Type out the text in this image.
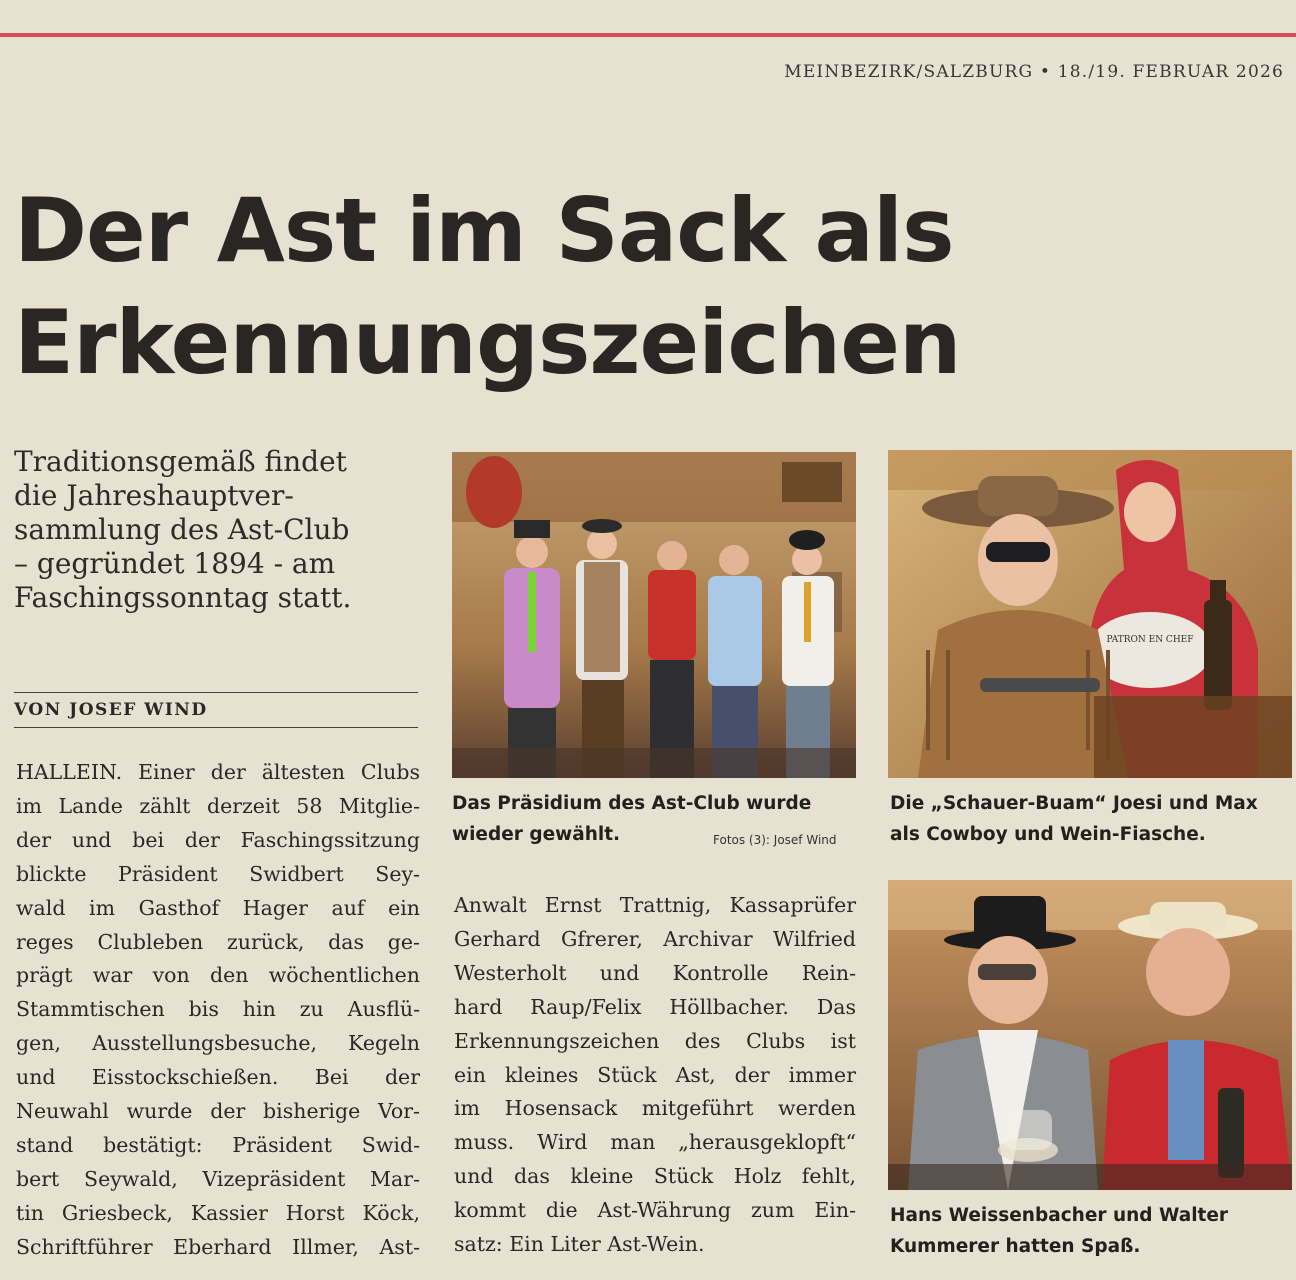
MEINBEZIRK/SALZBURG • 18./19. FEBRUAR 2026
Der Ast im Sack als
Erkennungszeichen
Traditionsgemäß findet
die Jahreshauptver-
sammlung des Ast-Club
– gegründet 1894 - am
Faschingssonntag statt.
VON JOSEF WIND
HALLEIN. Einer der ältesten Clubs
im Lande zählt derzeit 58 Mitglie-
der und bei der Faschingssitzung
blickte Präsident Swidbert Sey-
wald im Gasthof Hager auf ein
reges Clubleben zurück, das ge-
prägt war von den wöchentlichen
Stammtischen bis hin zu Ausflü-
gen, Ausstellungsbesuche, Kegeln
und Eisstockschießen. Bei der
Neuwahl wurde der bisherige Vor-
stand bestätigt: Präsident Swid-
bert Seywald, Vizepräsident Mar-
tin Griesbeck, Kassier Horst Köck,
Schriftführer Eberhard Illmer, Ast-
Das Präsidium des Ast-Club wurde
wieder gewählt.	Fotos (3): Josef Wind
Anwalt Ernst Trattnig, Kassaprüfer
Gerhard Gfrerer, Archivar Wilfried
Westerholt und Kontrolle Rein-
hard Raup/Felix Höllbacher. Das
Erkennungszeichen des Clubs ist
ein kleines Stück Ast, der immer
im Hosensack mitgeführt werden
muss. Wird man „herausgeklopft“
und das kleine Stück Holz fehlt,
kommt die Ast-Währung zum Ein-
satz: Ein Liter Ast-Wein.
PATRON EN CHEF
Die „Schauer-Buam“ Joesi und Max
als Cowboy und Wein-Fiasche.
Hans Weissenbacher und Walter
Kummerer hatten Spaß.
